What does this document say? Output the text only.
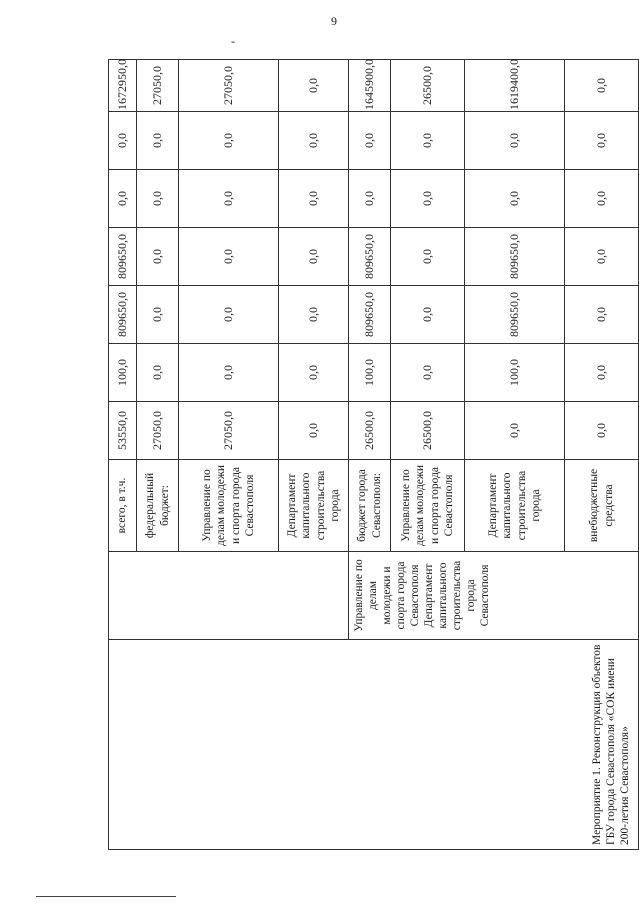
9
-
Мероприятие 1. Реконструкция объектов ГБУ города Севастополя «СОК имени 200-летия Севастополя»		всего, в т.ч.	53550,0	100,0	809650,0	809650,0	0,0	0,0	1672950,0
		федеральный бюджет:	27050,0	0,0	0,0	0,0	0,0	0,0	27050,0
		Управление по делам молодежи и спорта города Севастополя	27050,0	0,0	0,0	0,0	0,0	0,0	27050,0
		Департамент капитального строительства города	0,0	0,0	0,0	0,0	0,0	0,0	0,0

	Управление по делам молодежи и спорта города Севастополя Департамент капитального строительства города Севастополя	бюджет города Севастополя:	26500,0	100,0	809650,0	809650,0	0,0	0,0	1645900,0
		Управление по делам молодежи и спорта города Севастополя	26500,0	0,0	0,0	0,0	0,0	0,0	26500,0
		Департамент капитального строительства города	0,0	100,0	809650,0	809650,0	0,0	0,0	1619400,0
		внебюджетные средства	0,0	0,0	0,0	0,0	0,0	0,0	0,0
